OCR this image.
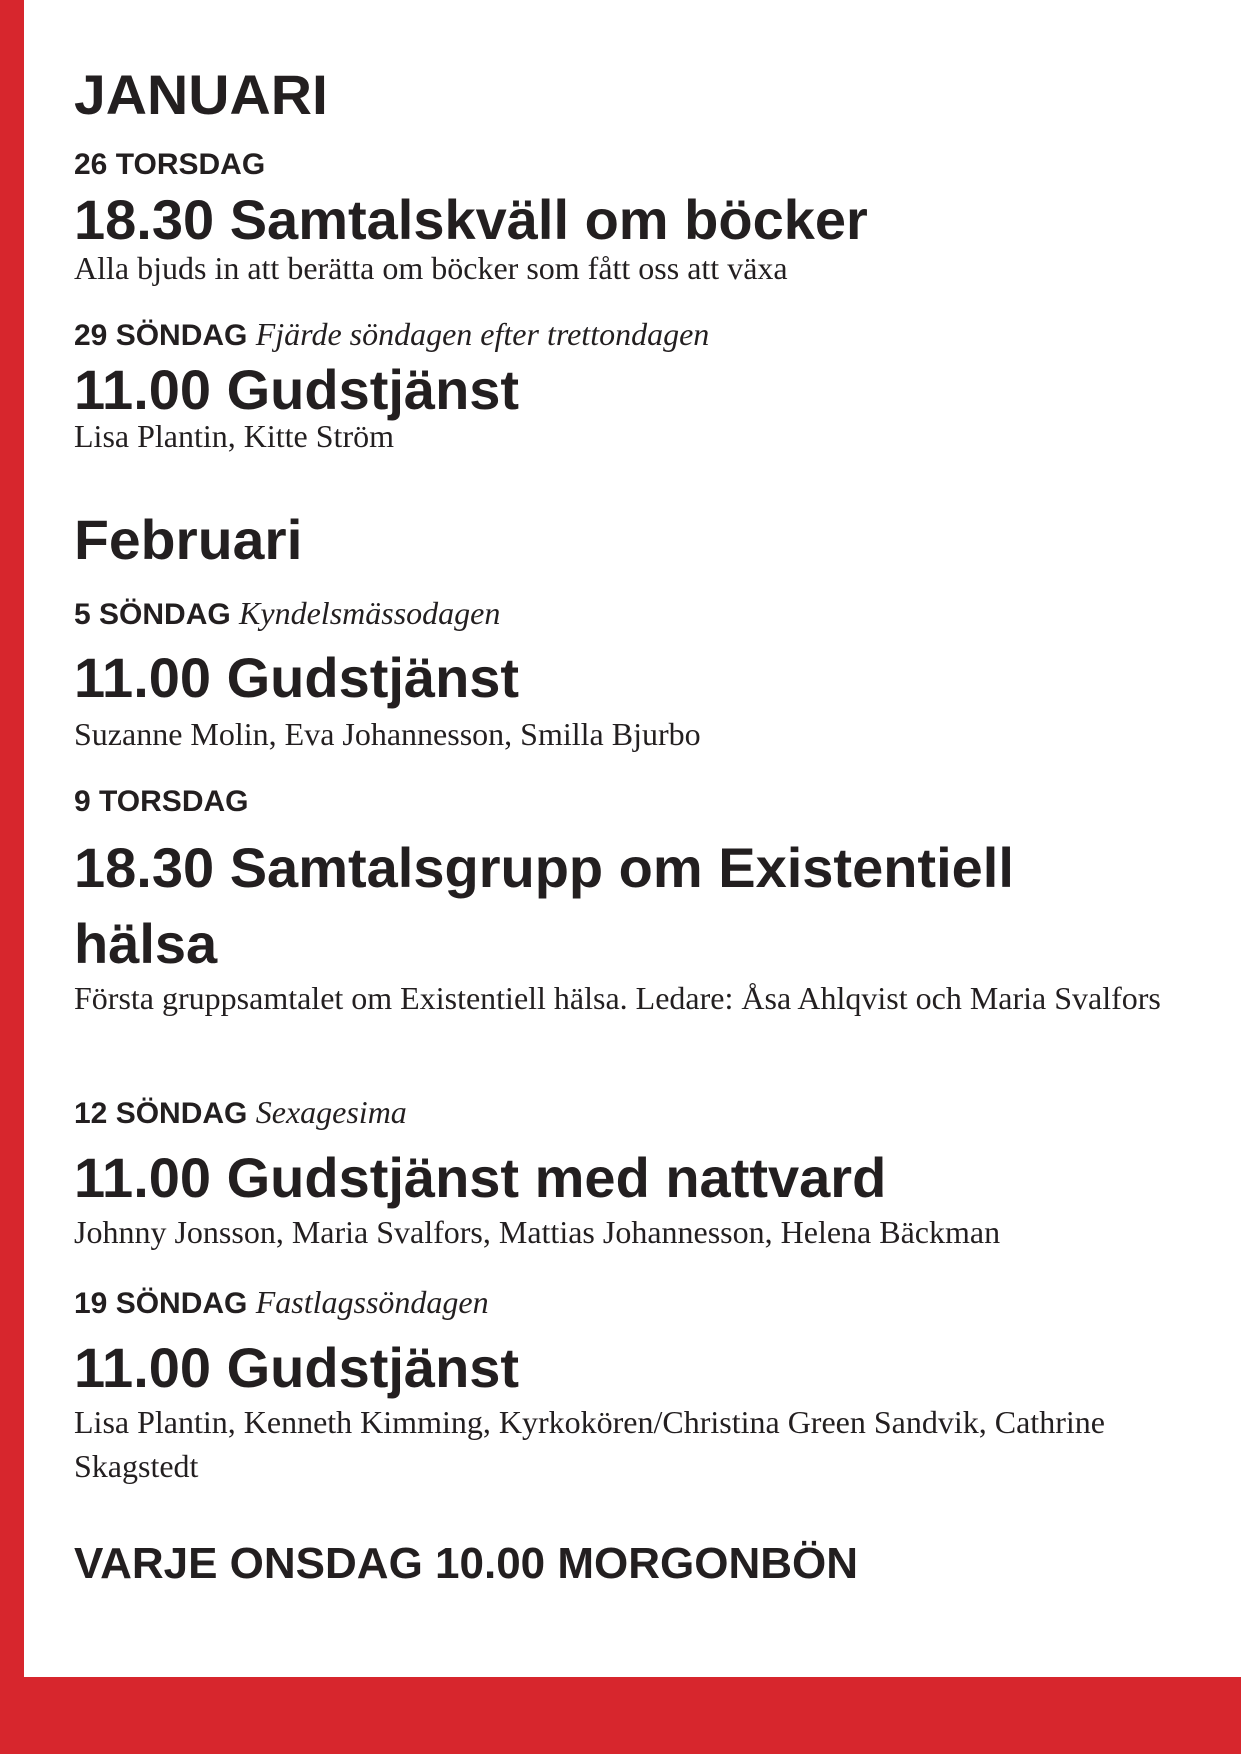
JANUARI
26 TORSDAG
18.30 Samtalskväll om böcker
Alla bjuds in att berätta om böcker som fått oss att växa
29 SÖNDAG Fjärde söndagen efter trettondagen
11.00 Gudstjänst
Lisa Plantin, Kitte Ström
Februari
5 SÖNDAG Kyndelsmässodagen
11.00 Gudstjänst
Suzanne Molin, Eva Johannesson, Smilla Bjurbo
9 TORSDAG
18.30 Samtalsgrupp om Existentiell hälsa
Första gruppsamtalet om Existentiell hälsa. Ledare: Åsa Ahlqvist och Maria Svalfors
12 SÖNDAG Sexagesima
11.00 Gudstjänst med nattvard
Johnny Jonsson, Maria Svalfors, Mattias Johannesson, Helena Bäckman
19 SÖNDAG Fastlagssöndagen
11.00 Gudstjänst
Lisa Plantin, Kenneth Kimming, Kyrkokören/Christina Green Sandvik, Cathrine Skagstedt
VARJE ONSDAG 10.00 MORGONBÖN
